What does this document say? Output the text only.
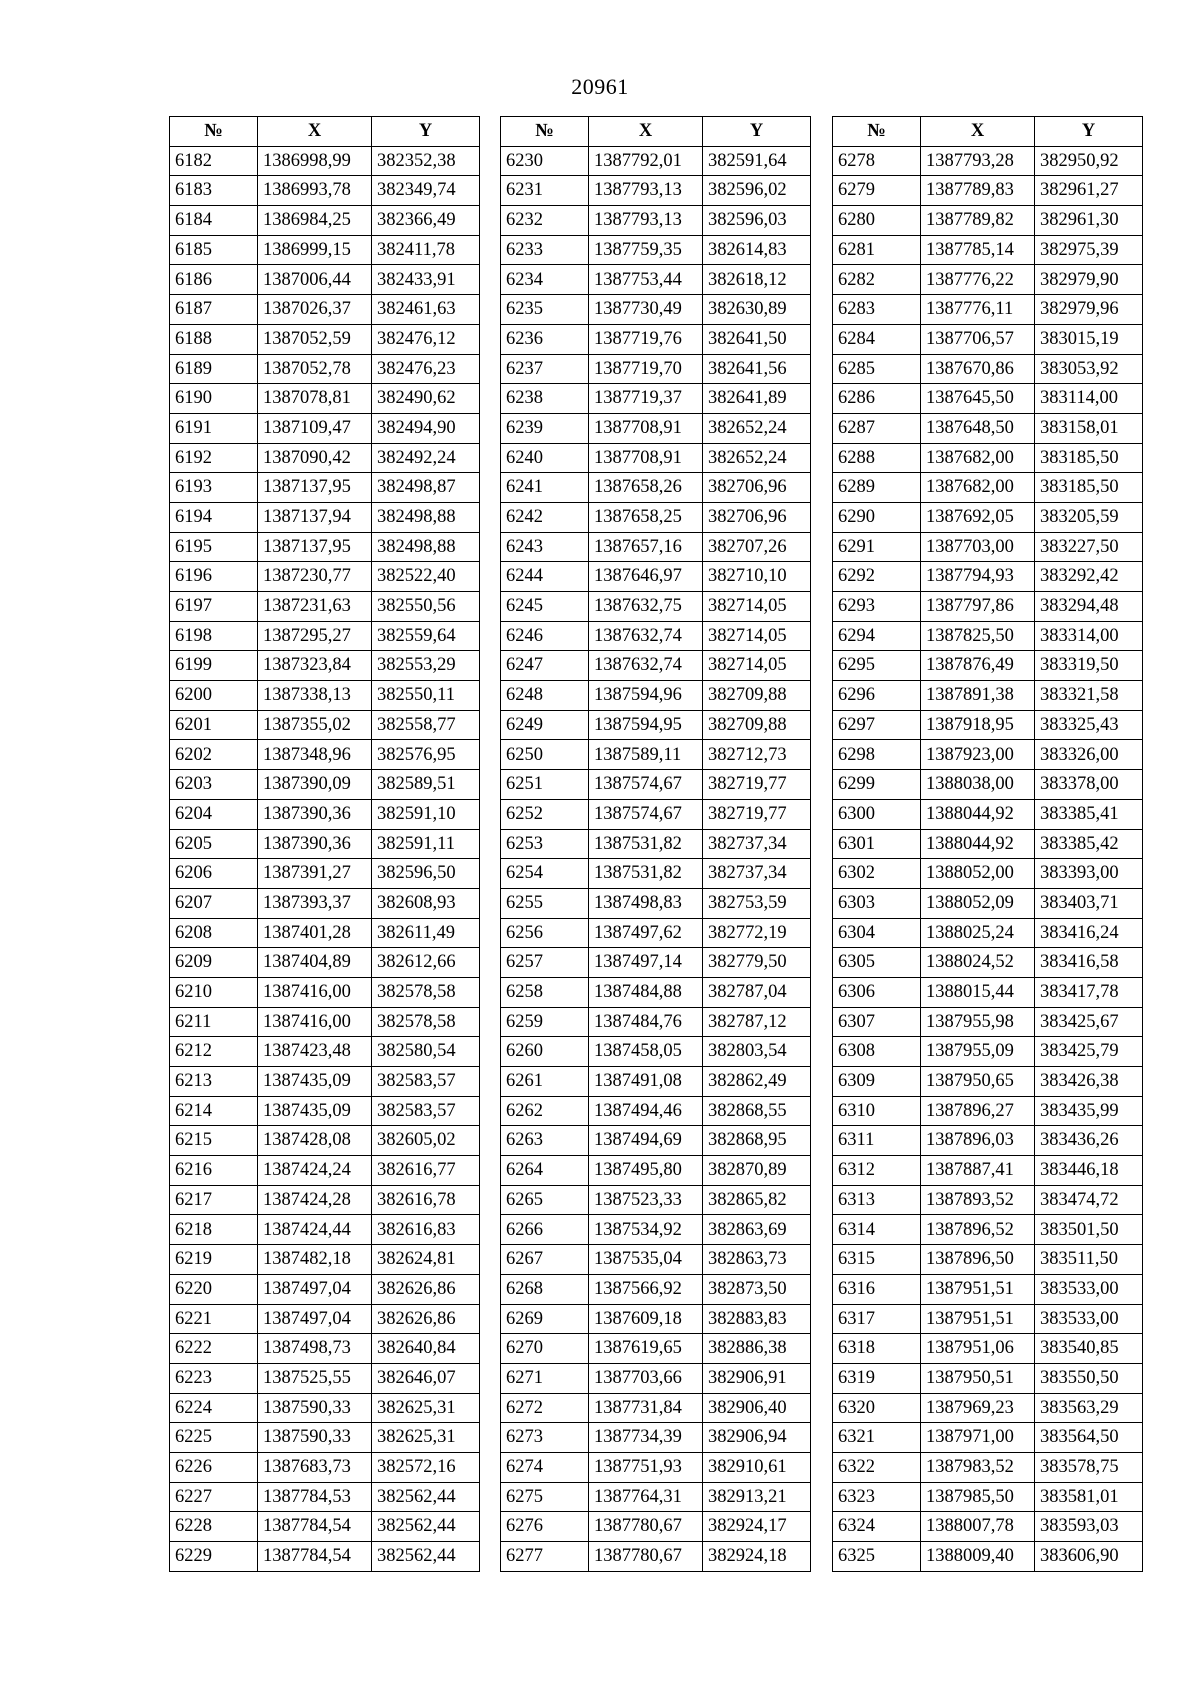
20961
№	X	Y
6182	1386998,99	382352,38
6183	1386993,78	382349,74
6184	1386984,25	382366,49
6185	1386999,15	382411,78
6186	1387006,44	382433,91
6187	1387026,37	382461,63
6188	1387052,59	382476,12
6189	1387052,78	382476,23
6190	1387078,81	382490,62
6191	1387109,47	382494,90
6192	1387090,42	382492,24
6193	1387137,95	382498,87
6194	1387137,94	382498,88
6195	1387137,95	382498,88
6196	1387230,77	382522,40
6197	1387231,63	382550,56
6198	1387295,27	382559,64
6199	1387323,84	382553,29
6200	1387338,13	382550,11
6201	1387355,02	382558,77
6202	1387348,96	382576,95
6203	1387390,09	382589,51
6204	1387390,36	382591,10
6205	1387390,36	382591,11
6206	1387391,27	382596,50
6207	1387393,37	382608,93
6208	1387401,28	382611,49
6209	1387404,89	382612,66
6210	1387416,00	382578,58
6211	1387416,00	382578,58
6212	1387423,48	382580,54
6213	1387435,09	382583,57
6214	1387435,09	382583,57
6215	1387428,08	382605,02
6216	1387424,24	382616,77
6217	1387424,28	382616,78
6218	1387424,44	382616,83
6219	1387482,18	382624,81
6220	1387497,04	382626,86
6221	1387497,04	382626,86
6222	1387498,73	382640,84
6223	1387525,55	382646,07
6224	1387590,33	382625,31
6225	1387590,33	382625,31
6226	1387683,73	382572,16
6227	1387784,53	382562,44
6228	1387784,54	382562,44
6229	1387784,54	382562,44
№	X	Y
6230	1387792,01	382591,64
6231	1387793,13	382596,02
6232	1387793,13	382596,03
6233	1387759,35	382614,83
6234	1387753,44	382618,12
6235	1387730,49	382630,89
6236	1387719,76	382641,50
6237	1387719,70	382641,56
6238	1387719,37	382641,89
6239	1387708,91	382652,24
6240	1387708,91	382652,24
6241	1387658,26	382706,96
6242	1387658,25	382706,96
6243	1387657,16	382707,26
6244	1387646,97	382710,10
6245	1387632,75	382714,05
6246	1387632,74	382714,05
6247	1387632,74	382714,05
6248	1387594,96	382709,88
6249	1387594,95	382709,88
6250	1387589,11	382712,73
6251	1387574,67	382719,77
6252	1387574,67	382719,77
6253	1387531,82	382737,34
6254	1387531,82	382737,34
6255	1387498,83	382753,59
6256	1387497,62	382772,19
6257	1387497,14	382779,50
6258	1387484,88	382787,04
6259	1387484,76	382787,12
6260	1387458,05	382803,54
6261	1387491,08	382862,49
6262	1387494,46	382868,55
6263	1387494,69	382868,95
6264	1387495,80	382870,89
6265	1387523,33	382865,82
6266	1387534,92	382863,69
6267	1387535,04	382863,73
6268	1387566,92	382873,50
6269	1387609,18	382883,83
6270	1387619,65	382886,38
6271	1387703,66	382906,91
6272	1387731,84	382906,40
6273	1387734,39	382906,94
6274	1387751,93	382910,61
6275	1387764,31	382913,21
6276	1387780,67	382924,17
6277	1387780,67	382924,18
№	X	Y
6278	1387793,28	382950,92
6279	1387789,83	382961,27
6280	1387789,82	382961,30
6281	1387785,14	382975,39
6282	1387776,22	382979,90
6283	1387776,11	382979,96
6284	1387706,57	383015,19
6285	1387670,86	383053,92
6286	1387645,50	383114,00
6287	1387648,50	383158,01
6288	1387682,00	383185,50
6289	1387682,00	383185,50
6290	1387692,05	383205,59
6291	1387703,00	383227,50
6292	1387794,93	383292,42
6293	1387797,86	383294,48
6294	1387825,50	383314,00
6295	1387876,49	383319,50
6296	1387891,38	383321,58
6297	1387918,95	383325,43
6298	1387923,00	383326,00
6299	1388038,00	383378,00
6300	1388044,92	383385,41
6301	1388044,92	383385,42
6302	1388052,00	383393,00
6303	1388052,09	383403,71
6304	1388025,24	383416,24
6305	1388024,52	383416,58
6306	1388015,44	383417,78
6307	1387955,98	383425,67
6308	1387955,09	383425,79
6309	1387950,65	383426,38
6310	1387896,27	383435,99
6311	1387896,03	383436,26
6312	1387887,41	383446,18
6313	1387893,52	383474,72
6314	1387896,52	383501,50
6315	1387896,50	383511,50
6316	1387951,51	383533,00
6317	1387951,51	383533,00
6318	1387951,06	383540,85
6319	1387950,51	383550,50
6320	1387969,23	383563,29
6321	1387971,00	383564,50
6322	1387983,52	383578,75
6323	1387985,50	383581,01
6324	1388007,78	383593,03
6325	1388009,40	383606,90
